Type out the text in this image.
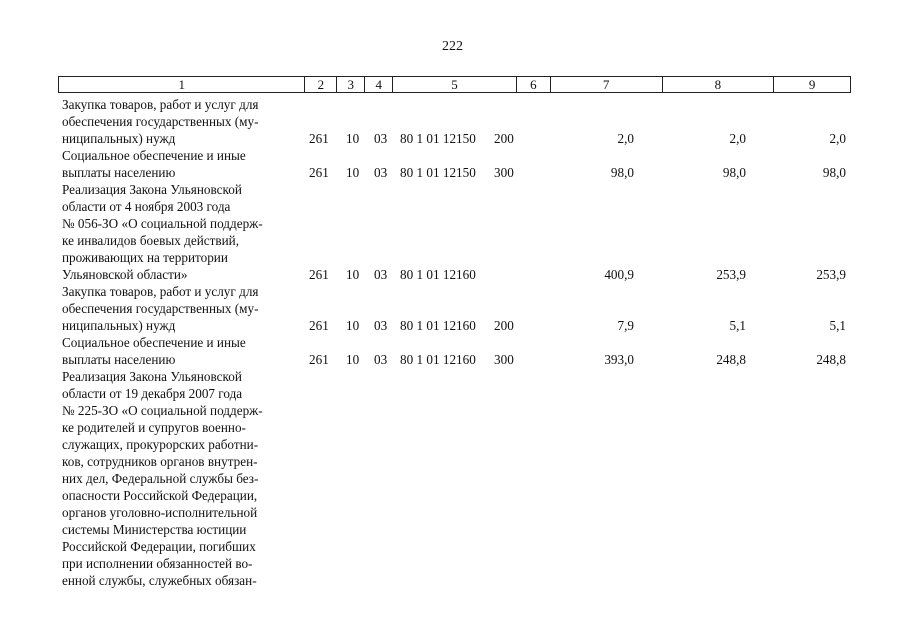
222
1	2	3	4	5	6	7	8	9
Закупка товаров, работ и услуг для
обеспечения государственных (му-
ниципальных) нужд	261 10 03 80 1 01 12150 200	2,0	2,0	2,0
Социальное обеспечение и иные
выплаты населению	261 10 03 80 1 01 12150 300	98,0	98,0	98,0
Реализация Закона Ульяновской
области от 4 ноября 2003 года
№ 056-ЗО «О социальной поддерж-
ке инвалидов боевых действий,
проживающих на территории
Ульяновской области»	261 10 03 80 1 01 12160	400,9	253,9	253,9
Закупка товаров, работ и услуг для
обеспечения государственных (му-
ниципальных) нужд	261 10 03 80 1 01 12160 200	7,9	5,1	5,1
Социальное обеспечение и иные
выплаты населению	261 10 03 80 1 01 12160 300	393,0	248,8	248,8
Реализация Закона Ульяновской
области от 19 декабря 2007 года
№ 225-ЗО «О социальной поддерж-
ке родителей и супругов военно-
служащих, прокурорских работни-
ков, сотрудников органов внутрен-
них дел, Федеральной службы без-
опасности Российской Федерации,
органов уголовно-исполнительной
системы Министерства юстиции
Российской Федерации, погибших
при исполнении обязанностей во-
енной службы, служебных обязан-
